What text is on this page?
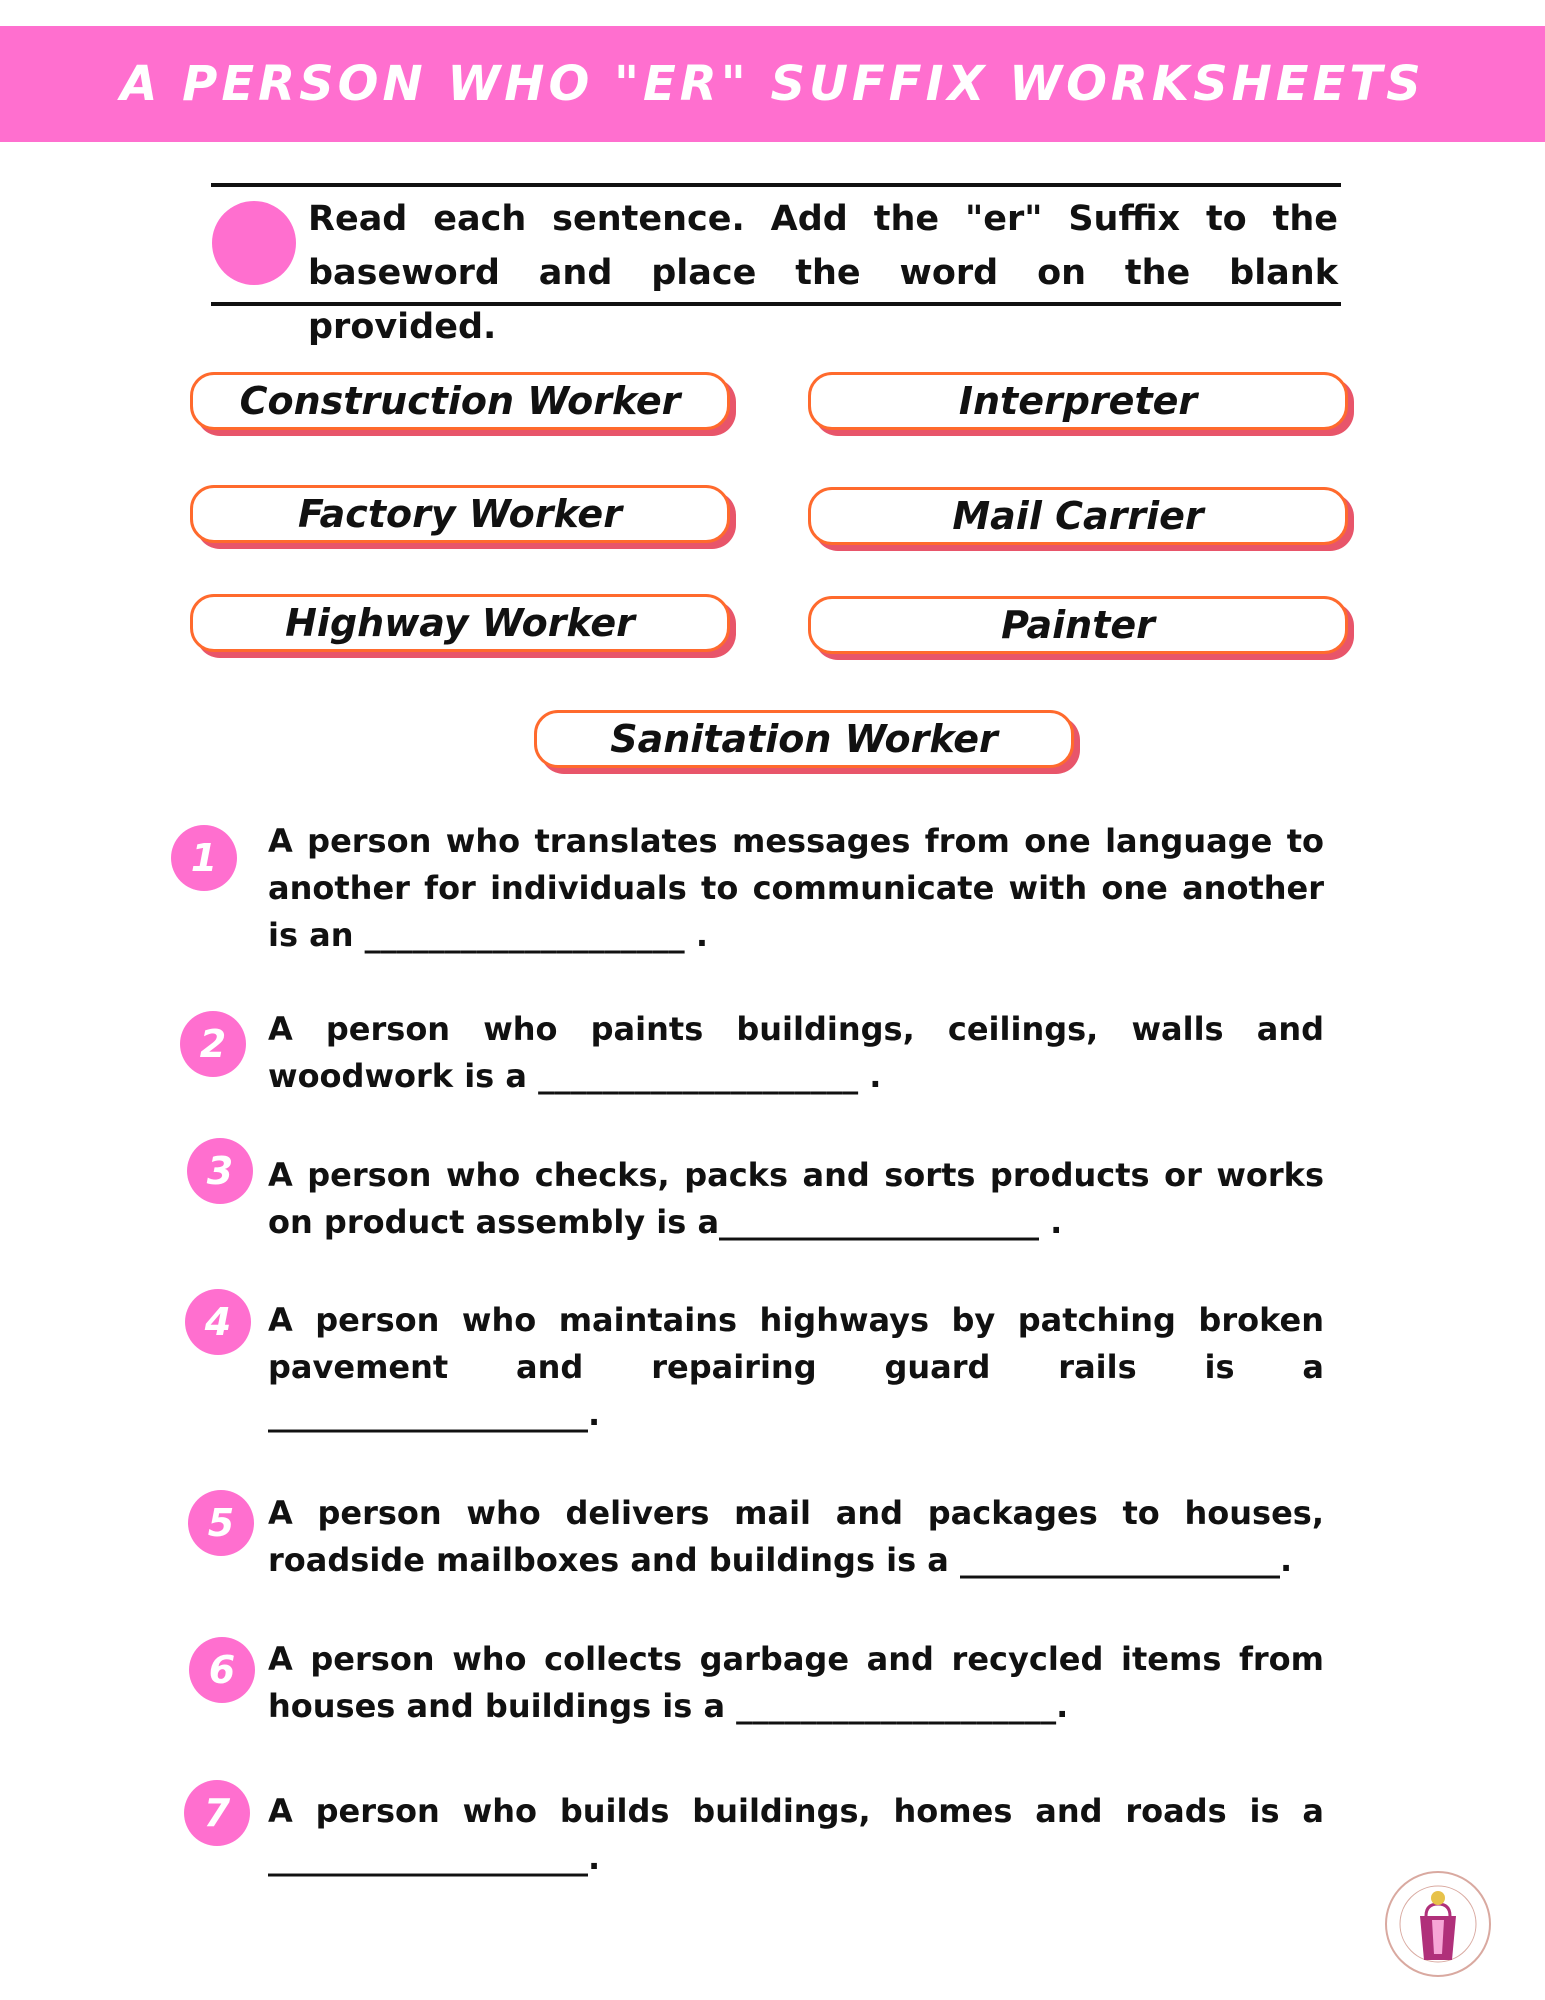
A PERSON WHO "ER" SUFFIX WORKSHEETS

Read each sentence. Add the "er" Suffix to the baseword and place the word on the blank provided.

Construction Worker	Interpreter
Factory Worker	Mail Carrier
Highway Worker	Painter
Sanitation Worker
1	A person who translates messages from one language to another for individuals to communicate with one another is an ____________________ .

2	A person who paints buildings, ceilings, walls and woodwork is a ____________________ .

3	A person who checks, packs and sorts products or works on product assembly is a____________________ .

4	A person who maintains highways by patching broken pavement and repairing guard rails is a ____________________.

5	A person who delivers mail and packages to houses, roadside mailboxes and buildings is a ____________________.

6	A person who collects garbage and recycled items from houses and buildings is a ____________________.

7	A person who builds buildings, homes and roads is a ____________________.
